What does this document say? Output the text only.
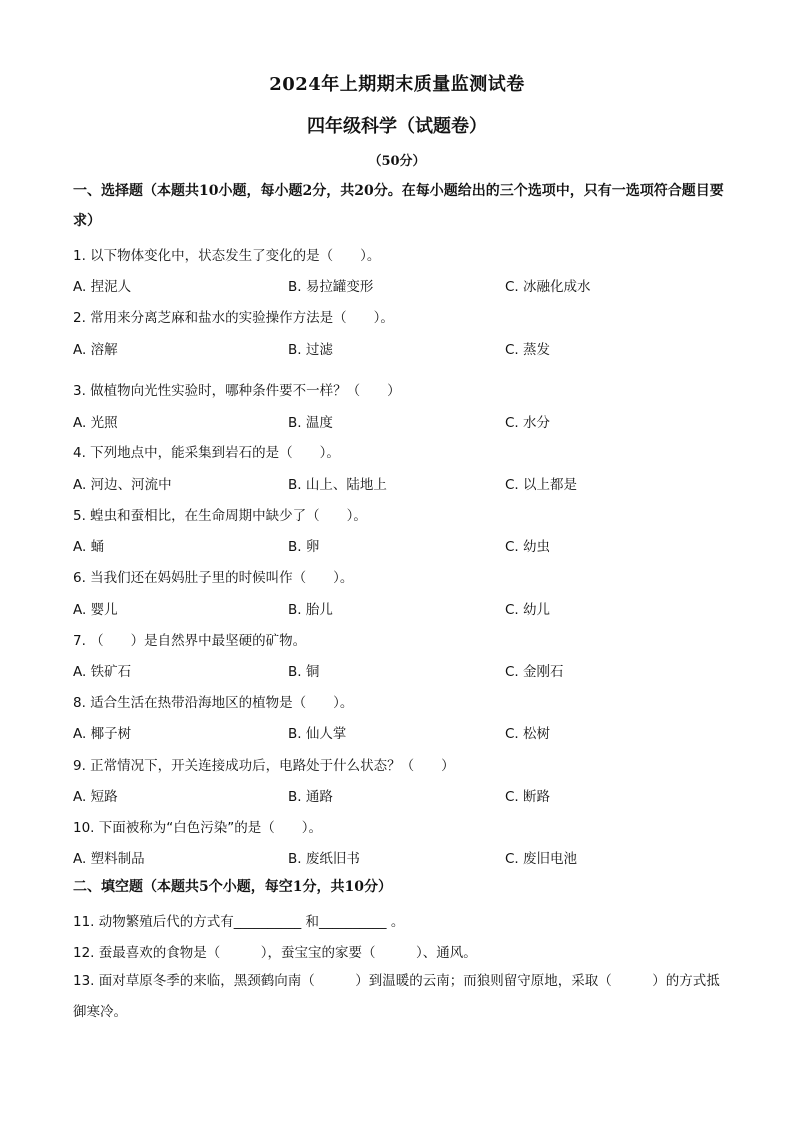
2024年上期期末质量监测试卷
四年级科学（试题卷）
（50分）
一、选择题（本题共10小题，每小题2分，共20分。在每小题给出的三个选项中，只有一选项符合题目要求）
1. 以下物体变化中，状态发生了变化的是（　　）。
A. 捏泥人	B. 易拉罐变形	C. 冰融化成水
2. 常用来分离芝麻和盐水的实验操作方法是（　　）。
A. 溶解	B. 过滤	C. 蒸发
3. 做植物向光性实验时，哪种条件要不一样？（　　）
A. 光照	B. 温度	C. 水分
4. 下列地点中，能采集到岩石的是（　　）。
A. 河边、河流中	B. 山上、陆地上	C. 以上都是
5. 蝗虫和蚕相比，在生命周期中缺少了（　　）。
A. 蛹	B. 卵	C. 幼虫
6. 当我们还在妈妈肚子里的时候叫作（　　）。
A. 婴儿	B. 胎儿	C. 幼儿
7. （　　）是自然界中最坚硬的矿物。
A. 铁矿石	B. 铜	C. 金刚石
8. 适合生活在热带沿海地区的植物是（　　）。
A. 椰子树	B. 仙人掌	C. 松树
9. 正常情况下，开关连接成功后，电路处于什么状态？（　　）
A. 短路	B. 通路	C. 断路
10. 下面被称为“白色污染”的是（　　）。
A. 塑料制品	B. 废纸旧书	C. 废旧电池
二、填空题（本题共5个小题，每空1分，共10分）
11. 动物繁殖后代的方式有__________ 和__________ 。
12. 蚕最喜欢的食物是（　　　），蚕宝宝的家要（　　　）、通风。
13. 面对草原冬季的来临，黑颈鹤向南（　　　）到温暖的云南；而狼则留守原地，采取（　　　）的方式抵御寒冷。
